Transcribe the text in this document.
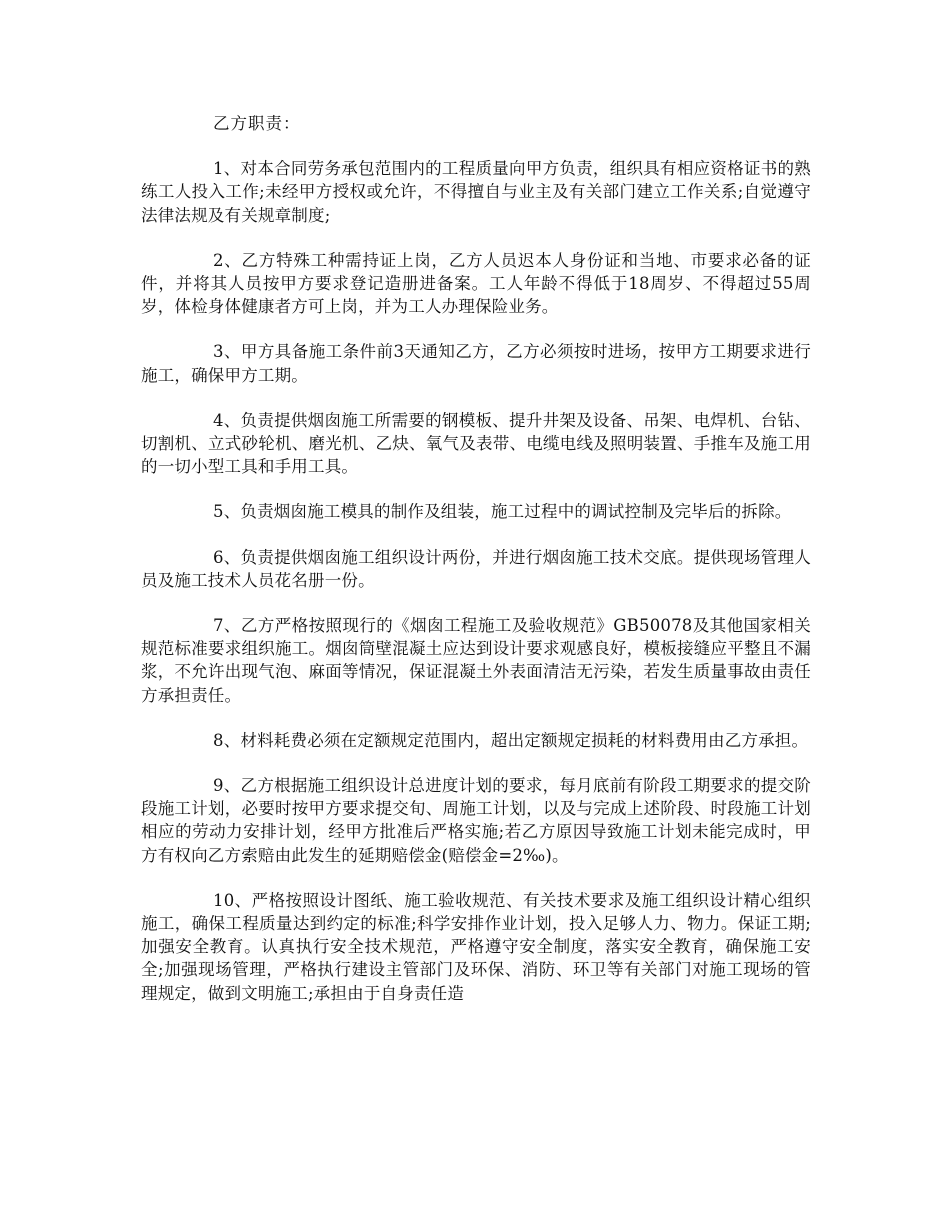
乙方职责：

1、对本合同劳务承包范围内的工程质量向甲方负责，组织具有相应资格证书的熟练工人投入工作;未经甲方授权或允许，不得擅自与业主及有关部门建立工作关系;自觉遵守法律法规及有关规章制度;

2、乙方特殊工种需持证上岗，乙方人员迟本人身份证和当地、市要求必备的证件，并将其人员按甲方要求登记造册进备案。工人年龄不得低于18周岁、不得超过55周岁，体检身体健康者方可上岗，并为工人办理保险业务。

3、甲方具备施工条件前3天通知乙方，乙方必须按时进场，按甲方工期要求进行施工，确保甲方工期。

4、负责提供烟囱施工所需要的钢模板、提升井架及设备、吊架、电焊机、台钻、切割机、立式砂轮机、磨光机、乙炔、氧气及表带、电缆电线及照明装置、手推车及施工用的一切小型工具和手用工具。

5、负责烟囱施工模具的制作及组装，施工过程中的调试控制及完毕后的拆除。

6、负责提供烟囱施工组织设计两份，并进行烟囱施工技术交底。提供现场管理人员及施工技术人员花名册一份。

7、乙方严格按照现行的《烟囱工程施工及验收规范》GB50078及其他国家相关规范标准要求组织施工。烟囱筒壁混凝土应达到设计要求观感良好，模板接缝应平整且不漏浆，不允许出现气泡、麻面等情况，保证混凝土外表面清洁无污染，若发生质量事故由责任方承担责任。

8、材料耗费必须在定额规定范围内，超出定额规定损耗的材料费用由乙方承担。

9、乙方根据施工组织设计总进度计划的要求，每月底前有阶段工期要求的提交阶段施工计划，必要时按甲方要求提交旬、周施工计划，以及与完成上述阶段、时段施工计划相应的劳动力安排计划，经甲方批准后严格实施;若乙方原因导致施工计划未能完成时，甲方有权向乙方索赔由此发生的延期赔偿金(赔偿金=2‰)。

10、严格按照设计图纸、施工验收规范、有关技术要求及施工组织设计精心组织施工，确保工程质量达到约定的标准;科学安排作业计划，投入足够人力、物力。保证工期;加强安全教育。认真执行安全技术规范，严格遵守安全制度，落实安全教育，确保施工安全;加强现场管理，严格执行建设主管部门及环保、消防、环卫等有关部门对施工现场的管理规定，做到文明施工;承担由于自身责任造
